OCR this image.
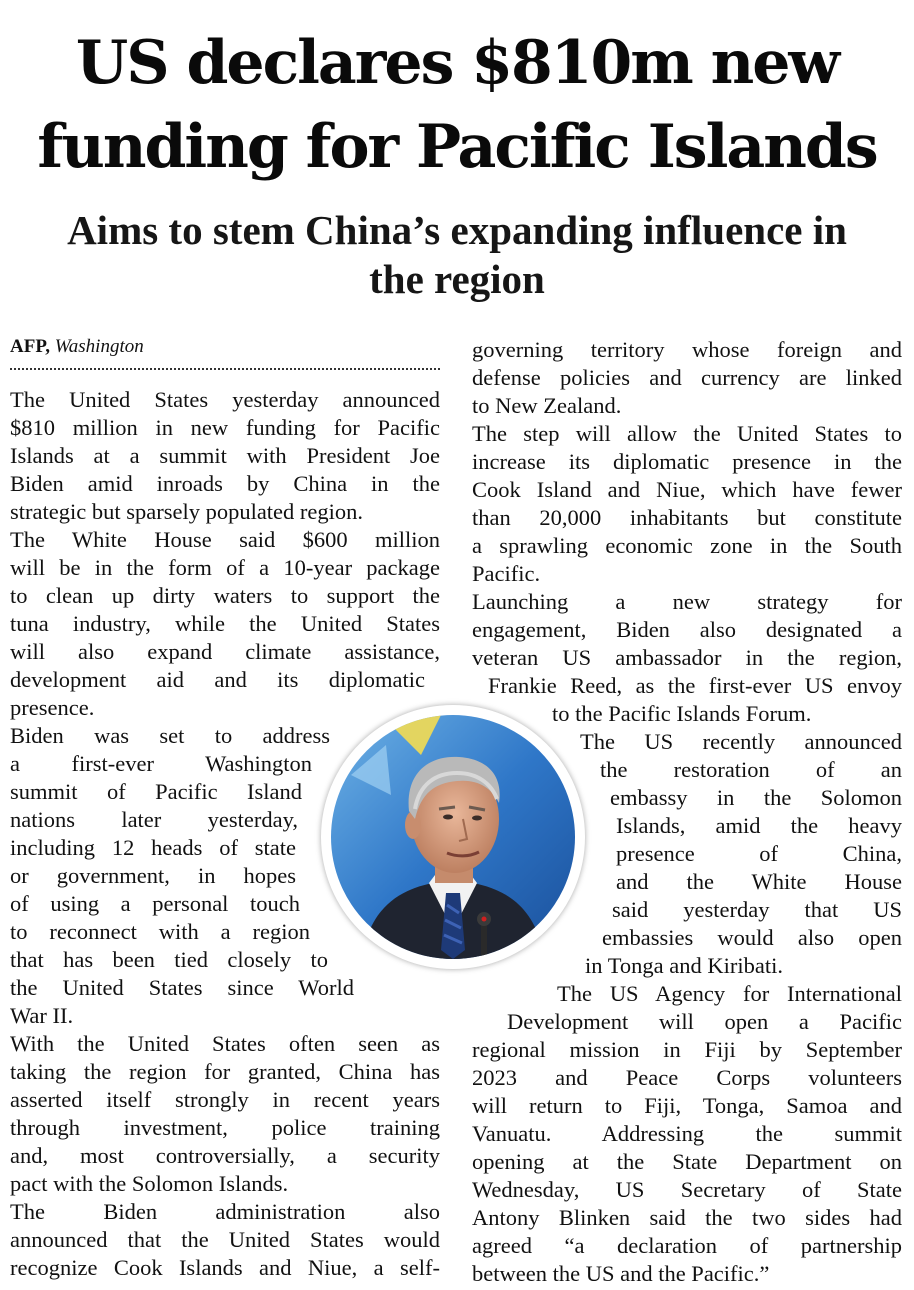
US declares $810m new
funding for Pacific Islands
Aims to stem China’s expanding influence in
the region
AFP, Washington
The United States yesterday announced
$810 million in new funding for Pacific
Islands at a summit with President Joe
Biden amid inroads by China in the
strategic but sparsely populated region.
The White House said $600 million
will be in the form of a 10-year package
to clean up dirty waters to support the
tuna industry, while the United States
will also expand climate assistance,
development aid and its diplomatic
presence.
Biden was set to address
a first-ever Washington
summit of Pacific Island
nations later yesterday,
including 12 heads of state
or government, in hopes
of using a personal touch
to reconnect with a region
that has been tied closely to
the United States since World
War II.
With the United States often seen as
taking the region for granted, China has
asserted itself strongly in recent years
through investment, police training
and, most controversially, a security
pact with the Solomon Islands.
The Biden administration also
announced that the United States would
recognize Cook Islands and Niue, a self-
governing territory whose foreign and
defense policies and currency are linked
to New Zealand.
The step will allow the United States to
increase its diplomatic presence in the
Cook Island and Niue, which have fewer
than 20,000 inhabitants but constitute
a sprawling economic zone in the South
Pacific.
Launching a new strategy for
engagement, Biden also designated a
veteran US ambassador in the region,
Frankie Reed, as the first-ever US envoy
to the Pacific Islands Forum.
The US recently announced
the restoration of an
embassy in the Solomon
Islands, amid the heavy
presence of China,
and the White House
said yesterday that US
embassies would also open
in Tonga and Kiribati.
The US Agency for International
Development will open a Pacific
regional mission in Fiji by September
2023 and Peace Corps volunteers
will return to Fiji, Tonga, Samoa and
Vanuatu. Addressing the summit
opening at the State Department on
Wednesday, US Secretary of State
Antony Blinken said the two sides had
agreed “a declaration of partnership
between the US and the Pacific.”
